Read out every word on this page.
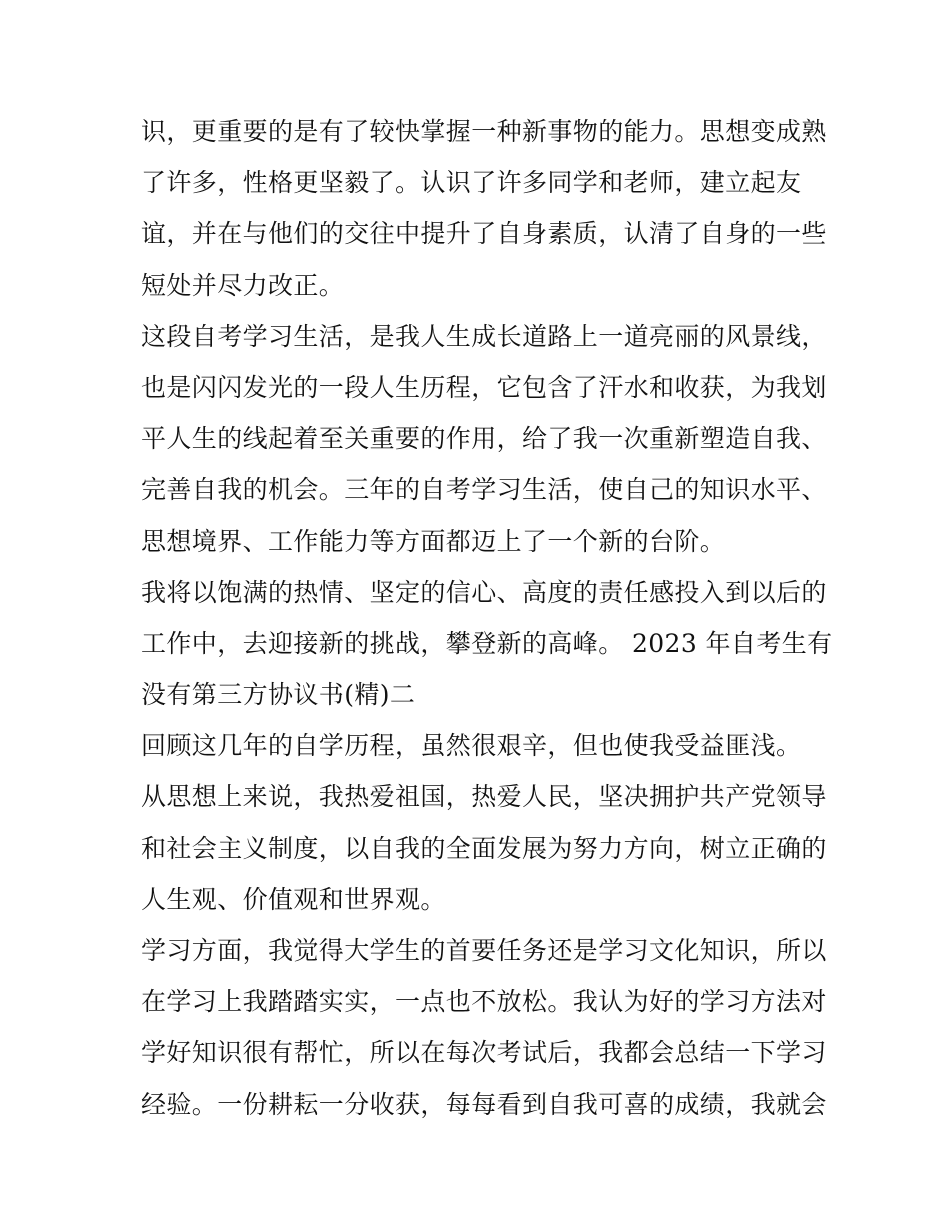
识，更重要的是有了较快掌握一种新事物的能力。思想变成熟
了许多，性格更坚毅了。认识了许多同学和老师，建立起友
谊，并在与他们的交往中提升了自身素质，认清了自身的一些
短处并尽力改正。
这段自考学习生活，是我人生成长道路上一道亮丽的风景线，
也是闪闪发光的一段人生历程，它包含了汗水和收获，为我划
平人生的线起着至关重要的作用，给了我一次重新塑造自我、
完善自我的机会。三年的自考学习生活，使自己的知识水平、
思想境界、工作能力等方面都迈上了一个新的台阶。
我将以饱满的热情、坚定的信心、高度的责任感投入到以后的
工作中，去迎接新的挑战，攀登新的高峰。 2023 年自考生有
没有第三方协议书(精)二
回顾这几年的自学历程，虽然很艰辛，但也使我受益匪浅。
从思想上来说，我热爱祖国，热爱人民，坚决拥护共产党领导
和社会主义制度，以自我的全面发展为努力方向，树立正确的
人生观、价值观和世界观。
学习方面，我觉得大学生的首要任务还是学习文化知识，所以
在学习上我踏踏实实，一点也不放松。我认为好的学习方法对
学好知识很有帮忙，所以在每次考试后，我都会总结一下学习
经验。一份耕耘一分收获，每每看到自我可喜的成绩，我就会
